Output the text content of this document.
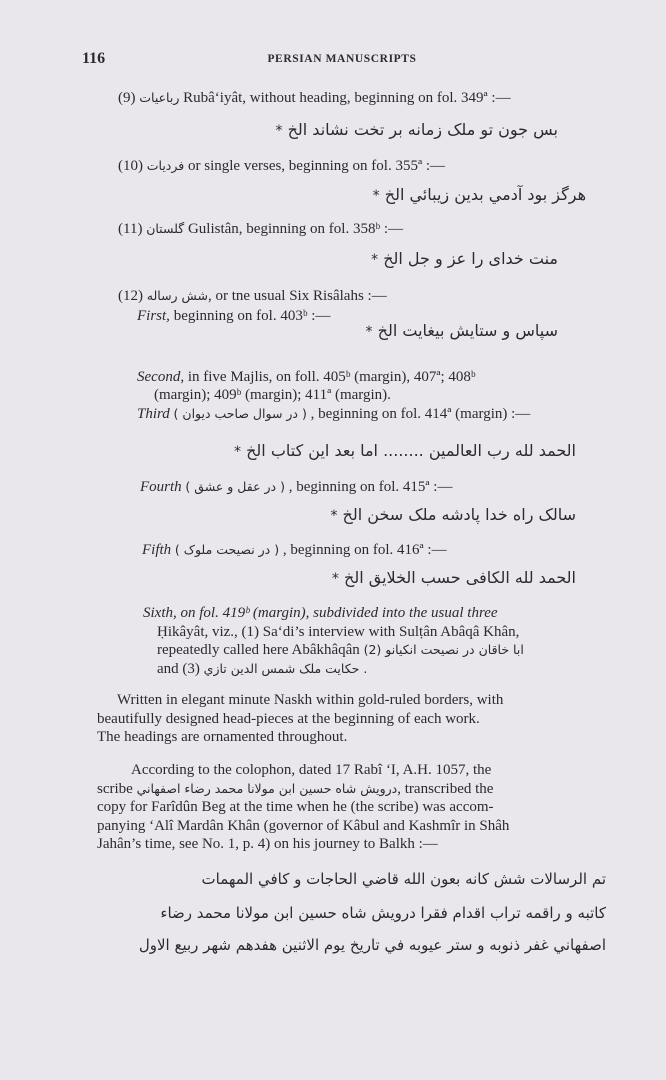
116	PERSIAN MANUSCRIPTS
(9) رباعیات Rubâ‘iyât, without heading, beginning on fol. 349ª :—
بس جون تو ملک زمانه بر تخت نشاند الخ *
(10) فردیات or single verses, beginning on fol. 355ª :—
هرگز بود آدمي بدين زيبائي الخ *
(11) گلستان Gulistân, beginning on fol. 358ᵇ :—
منت خدای را عز و جل الخ *
(12) شش رساله, or tne usual Six Risâlahs :—
First, beginning on fol. 403ᵇ :—
سپاس و ستایش بیغایت الخ *
Second, in five Majlis, on foll. 405ᵇ (margin), 407ª; 408ᵇ
(margin); 409ᵇ (margin); 411ª (margin).
Third ( در سوال صاحب دیوان ) , beginning on fol. 414ª (margin) :—
الحمد لله رب العالمين ........ اما بعد اين کتاب الخ *
Fourth ( در عقل و عشق ) , beginning on fol. 415ª :—
سالک راه خدا پادشه ملک سخن الخ *
Fifth ( در نصیحت ملوک ) , beginning on fol. 416ª :—
الحمد لله الکافی حسب الخلایق الخ *
Sixth, on fol. 419ᵇ (margin), subdivided into the usual three
Ḥikâyât, viz., (1) Sa‘di’s interview with Sulṭân Abâqâ Khân,
repeatedly called here Abâkhâqân (2) ابا خاقان در نصیحت انکیانو
and (3) حکایت ملک شمس الدین تازي .
Written in elegant minute Naskh within gold-ruled borders, with
beautifully designed head-pieces at the beginning of each work.
The headings are ornamented throughout.
According to the colophon, dated 17 Rabî ‘I, A.H. 1057, the
scribe درويش شاه حسين ابن مولانا محمد رضاء اصفهاني, transcribed the
copy for Farîdûn Beg at the time when he (the scribe) was accom-
panying ‘Alî Mardân Khân (governor of Kâbul and Kashmîr in Shâh
Jahân’s time, see No. 1, p. 4) on his journey to Balkh :—
تم الرسالات شش کانه بعون الله قاضي الحاجات و کافي المهمات
کاتبه و راقمه تراب اقدام فقرا درويش شاه حسين ابن مولانا محمد رضاء
اصفهاني غفر ذنوبه و ستر عيوبه في تاريخ يوم الاثنين هفدهم شهر ربيع الاول
